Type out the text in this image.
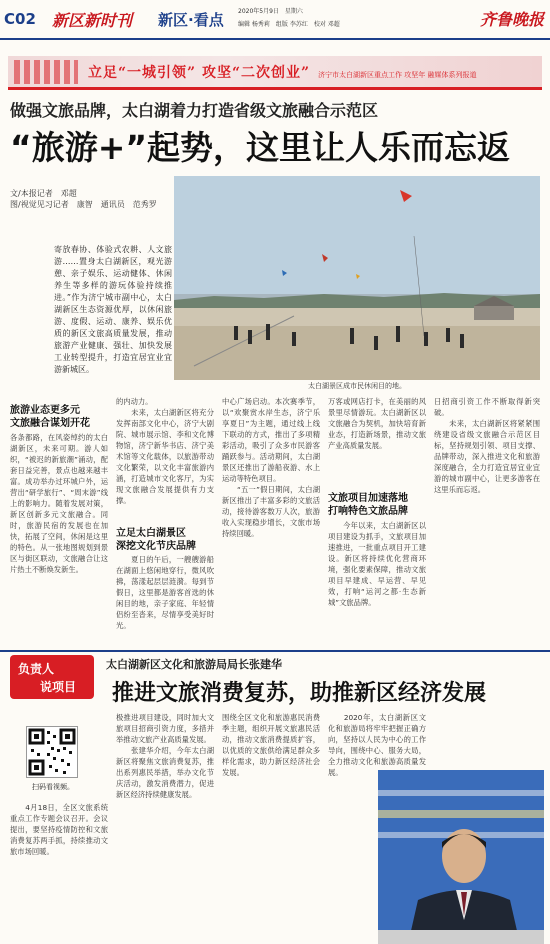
C02 新区新时刊 新区·看点 2020年5月9日　星期六
编辑 杨秀莉　组版 李苏红　校对 邓超	齐鲁晚报
立足“一城引领” 攻坚“二次创业” 济宁市太白湖新区重点工作 攻坚年 融媒体系列报道
做强文旅品牌，太白湖着力打造省级文旅融合示范区
“旅游+”起势，这里让人乐而忘返
文/本报记者　邓超
图/视觉见习记者　康智　通讯员　范秀罗
寄放春协、体验式农耕、人文旅游……置身太白湖新区，观光游憩、亲子娱乐、运动健体、休闲养生等多样的游玩体验持续推进。”作为济宁城市副中心，太白湖新区生态资源优厚，以休闲旅游、度假、运动、康养、娱乐优质的新区文旅高质量发展，推动旅游产业健康、强壮、加快发展工业转型提升，打造宜居宜业宜游新城区。
太白湖景区成市民休闲目的地。
旅游业态更多元
文旅融合谋划开花
各条都路，在风姿绰约的太白湖新区，未来可期。游人如织，“被迟的新旅潮”涌动，配套日益完善，景点也越来越丰富。成功举办过环城户外，运营出“研学旅行”、“周末游”线上的影响力。随着发展对策，新区创新多元文旅融合。同时，旅游民宿的发展也在加快，拓展了空间，休闲是这里的特色。从一张地图规划到景区与街区联动，文旅融合让这片热土不断焕发新生。
的内动力。
　　未来，太白湖新区将充分发挥南部文化中心，济宁大剧院、城市展示馆、李和文化博物馆，济宁新华书店、济宁美术馆等文化载体，以旅游带动文化繁荣，以文化丰富旅游内涵，打造城市文化客厅，为实现文旅融合发展提供有力支撑。
立足太白湖景区
深挖文化节庆品牌
　　夏日的午后，一艘艘游船在湖面上悠闲地穿行，微风吹拂，荡漾起层层涟漪。每到节假日，这里都是游客首选的休闲目的地，亲子家庭、年轻情侣纷至沓来，尽情享受美好时光。
中心广场启动。本次赛季节，以“欢聚赏水岸生态，济宁乐享夏日”为主题，通过线上线下联动的方式，推出了多项精彩活动，吸引了众多市民游客踊跃参与。活动期间，太白湖景区还推出了游船夜游、水上运动等特色项目。
　　“五一”假日期间，太白湖新区推出了丰富多彩的文旅活动，接待游客数万人次，旅游收入实现稳步增长，文旅市场持续回暖。
万客或网店打卡，在美丽的风景里尽情游玩。太白湖新区以文旅融合为契机，加快培育新业态，打造新场景，推动文旅产业高质量发展。
文旅项目加速落地
打响特色文旅品牌
　　今年以来，太白湖新区以项目建设为抓手，文旅项目加速推进，一批重点项目开工建设。新区将持续优化营商环境，强化要素保障，推动文旅项目早建成、早运营、早见效，打响“运河之都·生态新城”文旅品牌。
日招商引资工作不断取得新突破。
　　未来，太白湖新区将紧紧围绕建设省级文旅融合示范区目标，坚持规划引领、项目支撑、品牌带动，深入推进文化和旅游深度融合，全力打造宜居宜业宜游的城市副中心，让更多游客在这里乐而忘返。
负责人
说项目
太白湖新区文化和旅游局局长张建华
推进文旅消费复苏，助推新区经济发展
扫码看视频。
　　4月18日，全区文旅系统重点工作专题会议召开。会议提出，要坚持疫情防控和文旅消费复苏两手抓，持续推动文旅市场回暖。
极推进项目建设，同时加大文旅项目招商引资力度，多措并举推动文旅产业高质量发展。
　　张建华介绍，今年太白湖新区将聚焦文旅消费复苏，推出系列惠民举措，举办文化节庆活动，激发消费潜力，促进新区经济持续健康发展。
围绕全区文化和旅游惠民消费季主题，组织开展文旅惠民活动，推动文旅消费提质扩容，以优质的文旅供给满足群众多样化需求，助力新区经济社会发展。
　　2020年，太白湖新区文化和旅游局将牢牢把握正确方向，坚持以人民为中心的工作导向，围绕中心、服务大局，全力推动文化和旅游高质量发展。
